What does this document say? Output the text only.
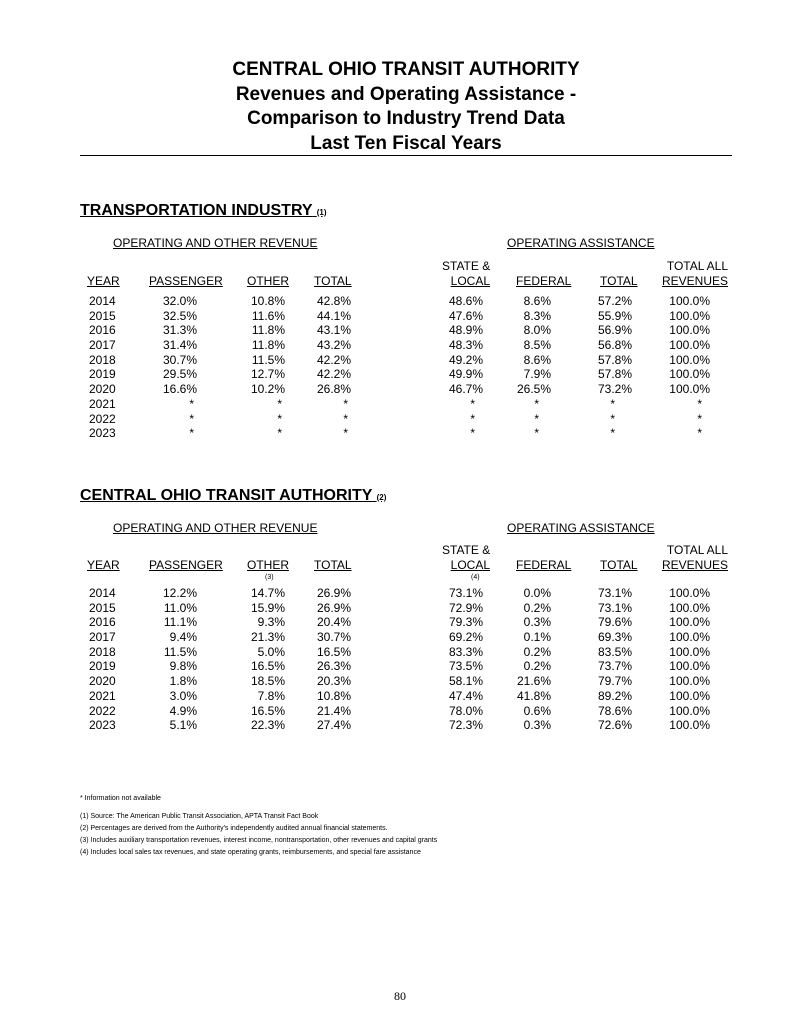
CENTRAL OHIO TRANSIT AUTHORITY
Revenues and Operating Assistance -
Comparison to Industry Trend Data
Last Ten Fiscal Years
TRANSPORTATION INDUSTRY (1)
OPERATING AND OTHER REVENUE	OPERATING ASSISTANCE
STATE &	TOTAL ALL
YEAR PASSENGER OTHER TOTAL	LOCAL FEDERAL TOTAL	REVENUES
2014	32.0%	10.8%	42.8%	48.6%	8.6%	57.2%	100.0%
2015	32.5%	11.6%	44.1%	47.6%	8.3%	55.9%	100.0%
2016	31.3%	11.8%	43.1%	48.9%	8.0%	56.9%	100.0%
2017	31.4%	11.8%	43.2%	48.3%	8.5%	56.8%	100.0%
2018	30.7%	11.5%	42.2%	49.2%	8.6%	57.8%	100.0%
2019	29.5%	12.7%	42.2%	49.9%	7.9%	57.8%	100.0%
2020	16.6%	10.2%	26.8%	46.7%	26.5%	73.2%	100.0%
2021	*	*	*	*	*	*	*
2022	*	*	*	*	*	*	*
2023	*	*	*	*	*	*	*
CENTRAL OHIO TRANSIT AUTHORITY (2)
OPERATING AND OTHER REVENUE	OPERATING ASSISTANCE
STATE &	TOTAL ALL
YEAR PASSENGER OTHER TOTAL	LOCAL FEDERAL TOTAL	REVENUES
(3)	(4)
2014	12.2%	14.7%	26.9%	73.1%	0.0%	73.1%	100.0%
2015	11.0%	15.9%	26.9%	72.9%	0.2%	73.1%	100.0%
2016	11.1%	9.3%	20.4%	79.3%	0.3%	79.6%	100.0%
2017	9.4%	21.3%	30.7%	69.2%	0.1%	69.3%	100.0%
2018	11.5%	5.0%	16.5%	83.3%	0.2%	83.5%	100.0%
2019	9.8%	16.5%	26.3%	73.5%	0.2%	73.7%	100.0%
2020	1.8%	18.5%	20.3%	58.1%	21.6%	79.7%	100.0%
2021	3.0%	7.8%	10.8%	47.4%	41.8%	89.2%	100.0%
2022	4.9%	16.5%	21.4%	78.0%	0.6%	78.6%	100.0%
2023	5.1%	22.3%	27.4%	72.3%	0.3%	72.6%	100.0%
* Information not available
(1) Source: The American Public Transit Association, APTA Transit Fact Book
(2) Percentages are derived from the Authority's independently audited annual financial statements.
(3) Includes auxiliary transportation revenues, interest income, nontransportation, other revenues and capital grants
(4) Includes local sales tax revenues, and state operating grants, reimbursements, and special fare assistance
80
